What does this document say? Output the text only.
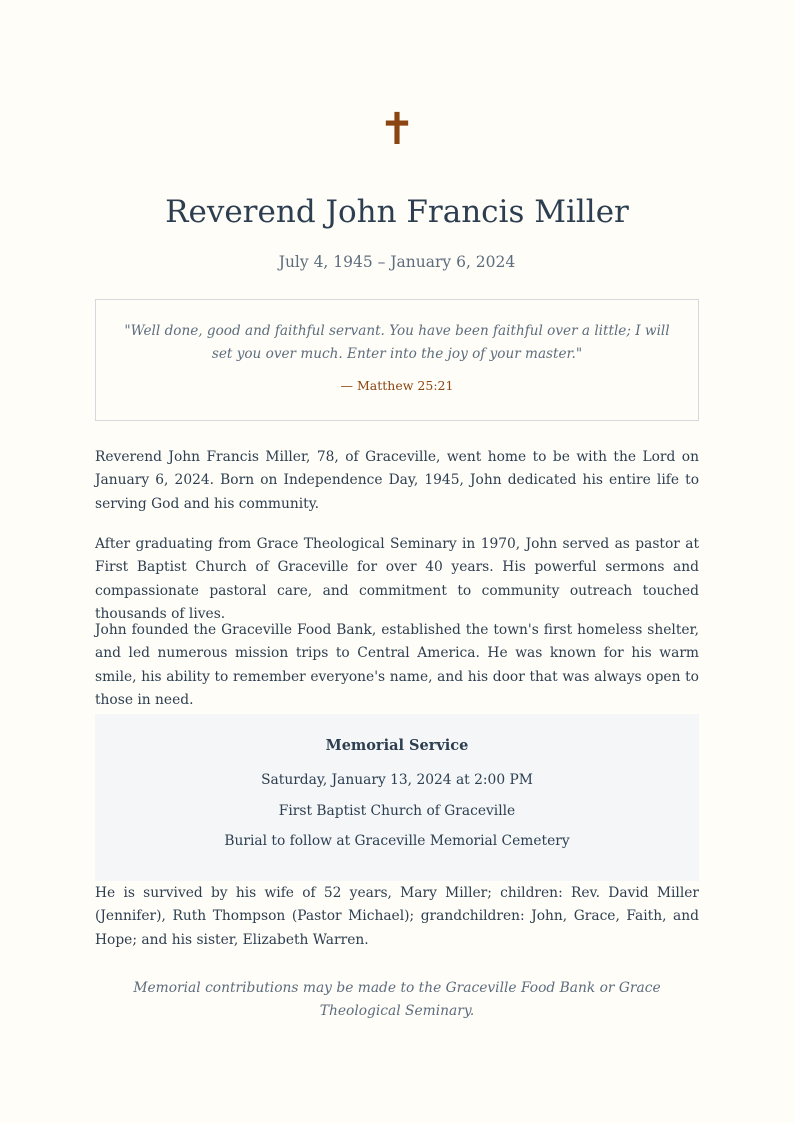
✝
Reverend John Francis Miller
July 4, 1945 – January 6, 2024
"Well done, good and faithful servant. You have been faithful over a little; I will set you over much. Enter into the joy of your master."
— Matthew 25:21

Reverend John Francis Miller, 78, of Graceville, went home to be with the Lord on January 6, 2024. Born on Independence Day, 1945, John dedicated his entire life to serving God and his community.

After graduating from Grace Theological Seminary in 1970, John served as pastor at First Baptist Church of Graceville for over 40 years. His powerful sermons and compassionate pastoral care, and commitment to community outreach touched thousands of lives.

John founded the Graceville Food Bank, established the town's first homeless shelter, and led numerous mission trips to Central America. He was known for his warm smile, his ability to remember everyone's name, and his door that was always open to those in need.

Memorial Service
Saturday, January 13, 2024 at 2:00 PM
First Baptist Church of Graceville
Burial to follow at Graceville Memorial Cemetery

He is survived by his wife of 52 years, Mary Miller; children: Rev. David Miller (Jennifer), Ruth Thompson (Pastor Michael); grandchildren: John, Grace, Faith, and Hope; and his sister, Elizabeth Warren.

Memorial contributions may be made to the Graceville Food Bank or Grace Theological Seminary.
